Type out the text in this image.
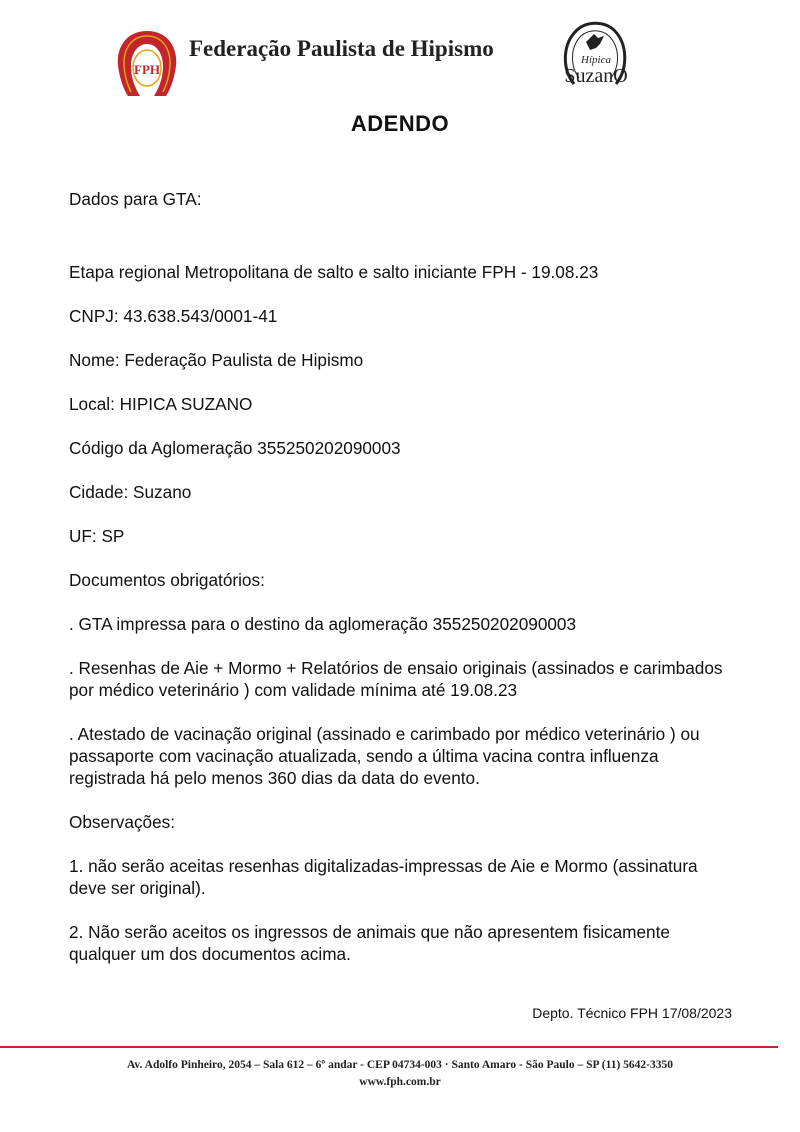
FPH
Federação Paulista de Hipismo	Hípica
SuzanO
ADENDO

Dados para GTA:

Etapa regional Metropolitana de salto e salto iniciante FPH - 19.08.23

CNPJ: 43.638.543/0001-41

Nome: Federação Paulista de Hipismo

Local: HIPICA SUZANO

Código da Aglomeração 355250202090003

Cidade: Suzano

UF: SP

Documentos obrigatórios:

. GTA impressa para o destino da aglomeração 355250202090003

. Resenhas de Aie + Mormo + Relatórios de ensaio originais (assinados e carimbados por médico veterinário ) com validade mínima até 19.08.23

. Atestado de vacinação original (assinado e carimbado por médico veterinário ) ou passaporte com vacinação atualizada, sendo a última vacina contra influenza registrada há pelo menos 360 dias da data do evento.

Observações:

1. não serão aceitas resenhas digitalizadas-impressas de Aie e Mormo (assinatura deve ser original).

2. Não serão aceitos os ingressos de animais que não apresentem fisicamente qualquer um dos documentos acima.

Depto. Técnico FPH 17/08/2023
Av. Adolfo Pinheiro, 2054 – Sala 612 – 6º andar - CEP 04734-003 · Santo Amaro - São Paulo – SP (11) 5642-3350
www.fph.com.br
